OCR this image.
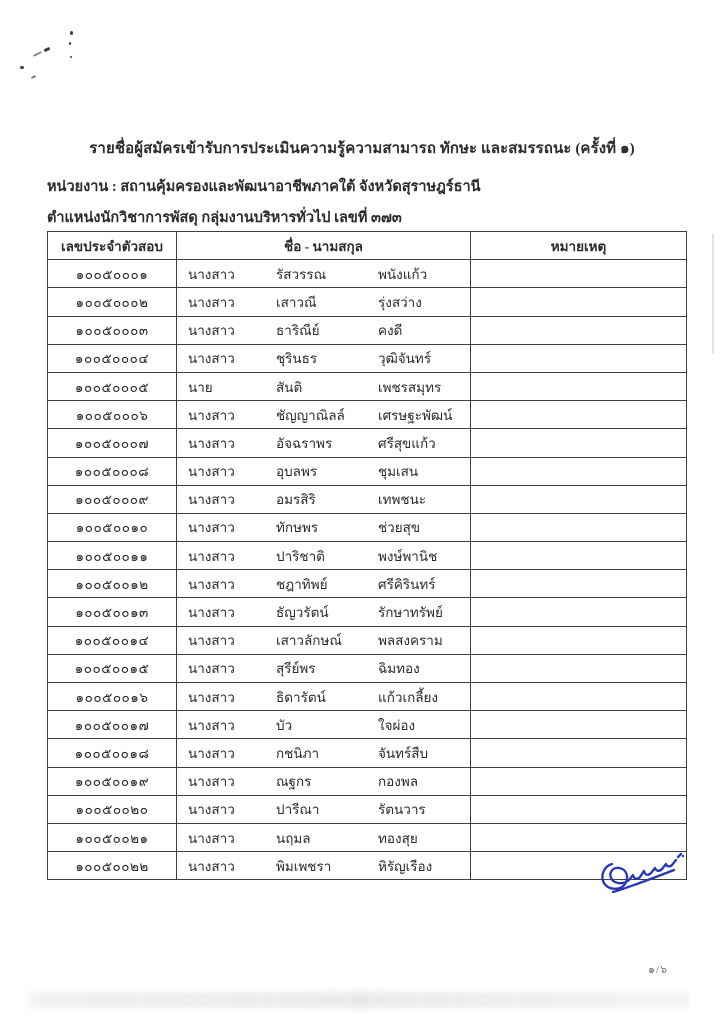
รายชื่อผู้สมัครเข้ารับการประเมินความรู้ความสามารถ ทักษะ และสมรรถนะ (ครั้งที่ ๑)
หน่วยงาน : สถานคุ้มครองและพัฒนาอาชีพภาคใต้ จังหวัดสุราษฎร์ธานี
ตำแหน่งนักวิชาการพัสดุ กลุ่มงานบริหารทั่วไป เลขที่ ๓๗๓
เลขประจำตัวสอบ	ชื่อ - นามสกุล	หมายเหตุ
๑๐๐๕๐๐๐๑	นางสาว รัสวรรณ พนังแก้ว	

๑๐๐๕๐๐๐๒	นางสาว เสาวณี รุ่งสว่าง	

๑๐๐๕๐๐๐๓	นางสาว ธาริณีย์ คงดี	

๑๐๐๕๐๐๐๔	นางสาว ชุรินธร วุฒิจันทร์	

๑๐๐๕๐๐๐๕	นาย สันติ เพชรสมุทร	

๑๐๐๕๐๐๐๖	นางสาว ชัญญาณิลล์ เศรษฐะพัฒน์	

๑๐๐๕๐๐๐๗	นางสาว อัจฉราพร ศรีสุขแก้ว	

๑๐๐๕๐๐๐๘	นางสาว อุบลพร ชุมเสน	

๑๐๐๕๐๐๐๙	นางสาว อมรสิริ เทพชนะ	

๑๐๐๕๐๐๑๐	นางสาว ทักษพร ช่วยสุข	

๑๐๐๕๐๐๑๑	นางสาว ปาริชาติ พงษ์พานิช	

๑๐๐๕๐๐๑๒	นางสาว ชฎาทิพย์ ศรีคิรินทร์	

๑๐๐๕๐๐๑๓	นางสาว ธัญวรัตน์ รักษาทรัพย์	

๑๐๐๕๐๐๑๔	นางสาว เสาวลักษณ์ พลสงคราม	

๑๐๐๕๐๐๑๕	นางสาว สุรีย์พร ฉิมทอง	

๑๐๐๕๐๐๑๖	นางสาว ธิดารัตน์ แก้วเกลี้ยง	

๑๐๐๕๐๐๑๗	นางสาว บัว ใจผ่อง	

๑๐๐๕๐๐๑๘	นางสาว กชนิภา จันทร์สืบ	

๑๐๐๕๐๐๑๙	นางสาว ณฐกร กองพล	

๑๐๐๕๐๐๒๐	นางสาว ปารีณา รัตนวาร	

๑๐๐๕๐๐๒๑	นางสาว นฤมล ทองสุย	

๑๐๐๕๐๐๒๒	นางสาว พิมเพชรา หิรัญเรือง	

๑/๖
